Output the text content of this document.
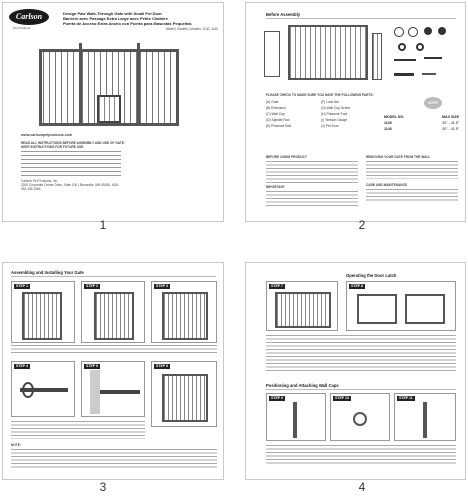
Carlson
Pet Products
Design Paw Walk-Through Gate with Small Pet Door
Barrière avec Passage Extra Large avec Petite Chatière
Puerta de Acceso Extra Ancho con Puerta para Mascotas Pequeñas
Model | Modèle | Modelo: 1130, 1140
www.carlsonpetproducts.com
READ ALL INSTRUCTIONS BEFORE ASSEMBLY AND USE OF GATE.
KEEP INSTRUCTIONS FOR FUTURE USE.
Carlson Pet Products, Inc.
3200 Corporate Center Drive, Suite 100 | Burnsville, MN 55306, USA
952.435.1984
1
Before Assembly
PLEASE CHECK TO MAKE SURE YOU HAVE THE FOLLOWING PARTS:
(A) Gate
(B) Extension
(C) Wall Cup
(D) Spindle Rod
(E) Pressure Bolt
(F) Lock Nut
(G) Wall Cup Screw
(H) Pressure Foot
(I) Tension Gauge
(J) Pet Door
NOTE
MODEL NO.	MAX SIZE
1130	30" - 41.5"
1140	30" - 41.5"
BEFORE USING PRODUCT
IMPORTANT
REMOVING YOUR GATE FROM THE WALL
CARE AND MAINTENANCE
2
Assembling and Installing Your Gate
STEP 1	STEP 2	STEP 3
STEP 4	STEP 5	STEP 6
NOTE:
3
STEP 7
Operating the Door Latch
STEP 8
Positioning and Attaching Wall Caps
STEP 9	STEP 10	STEP 11
4
